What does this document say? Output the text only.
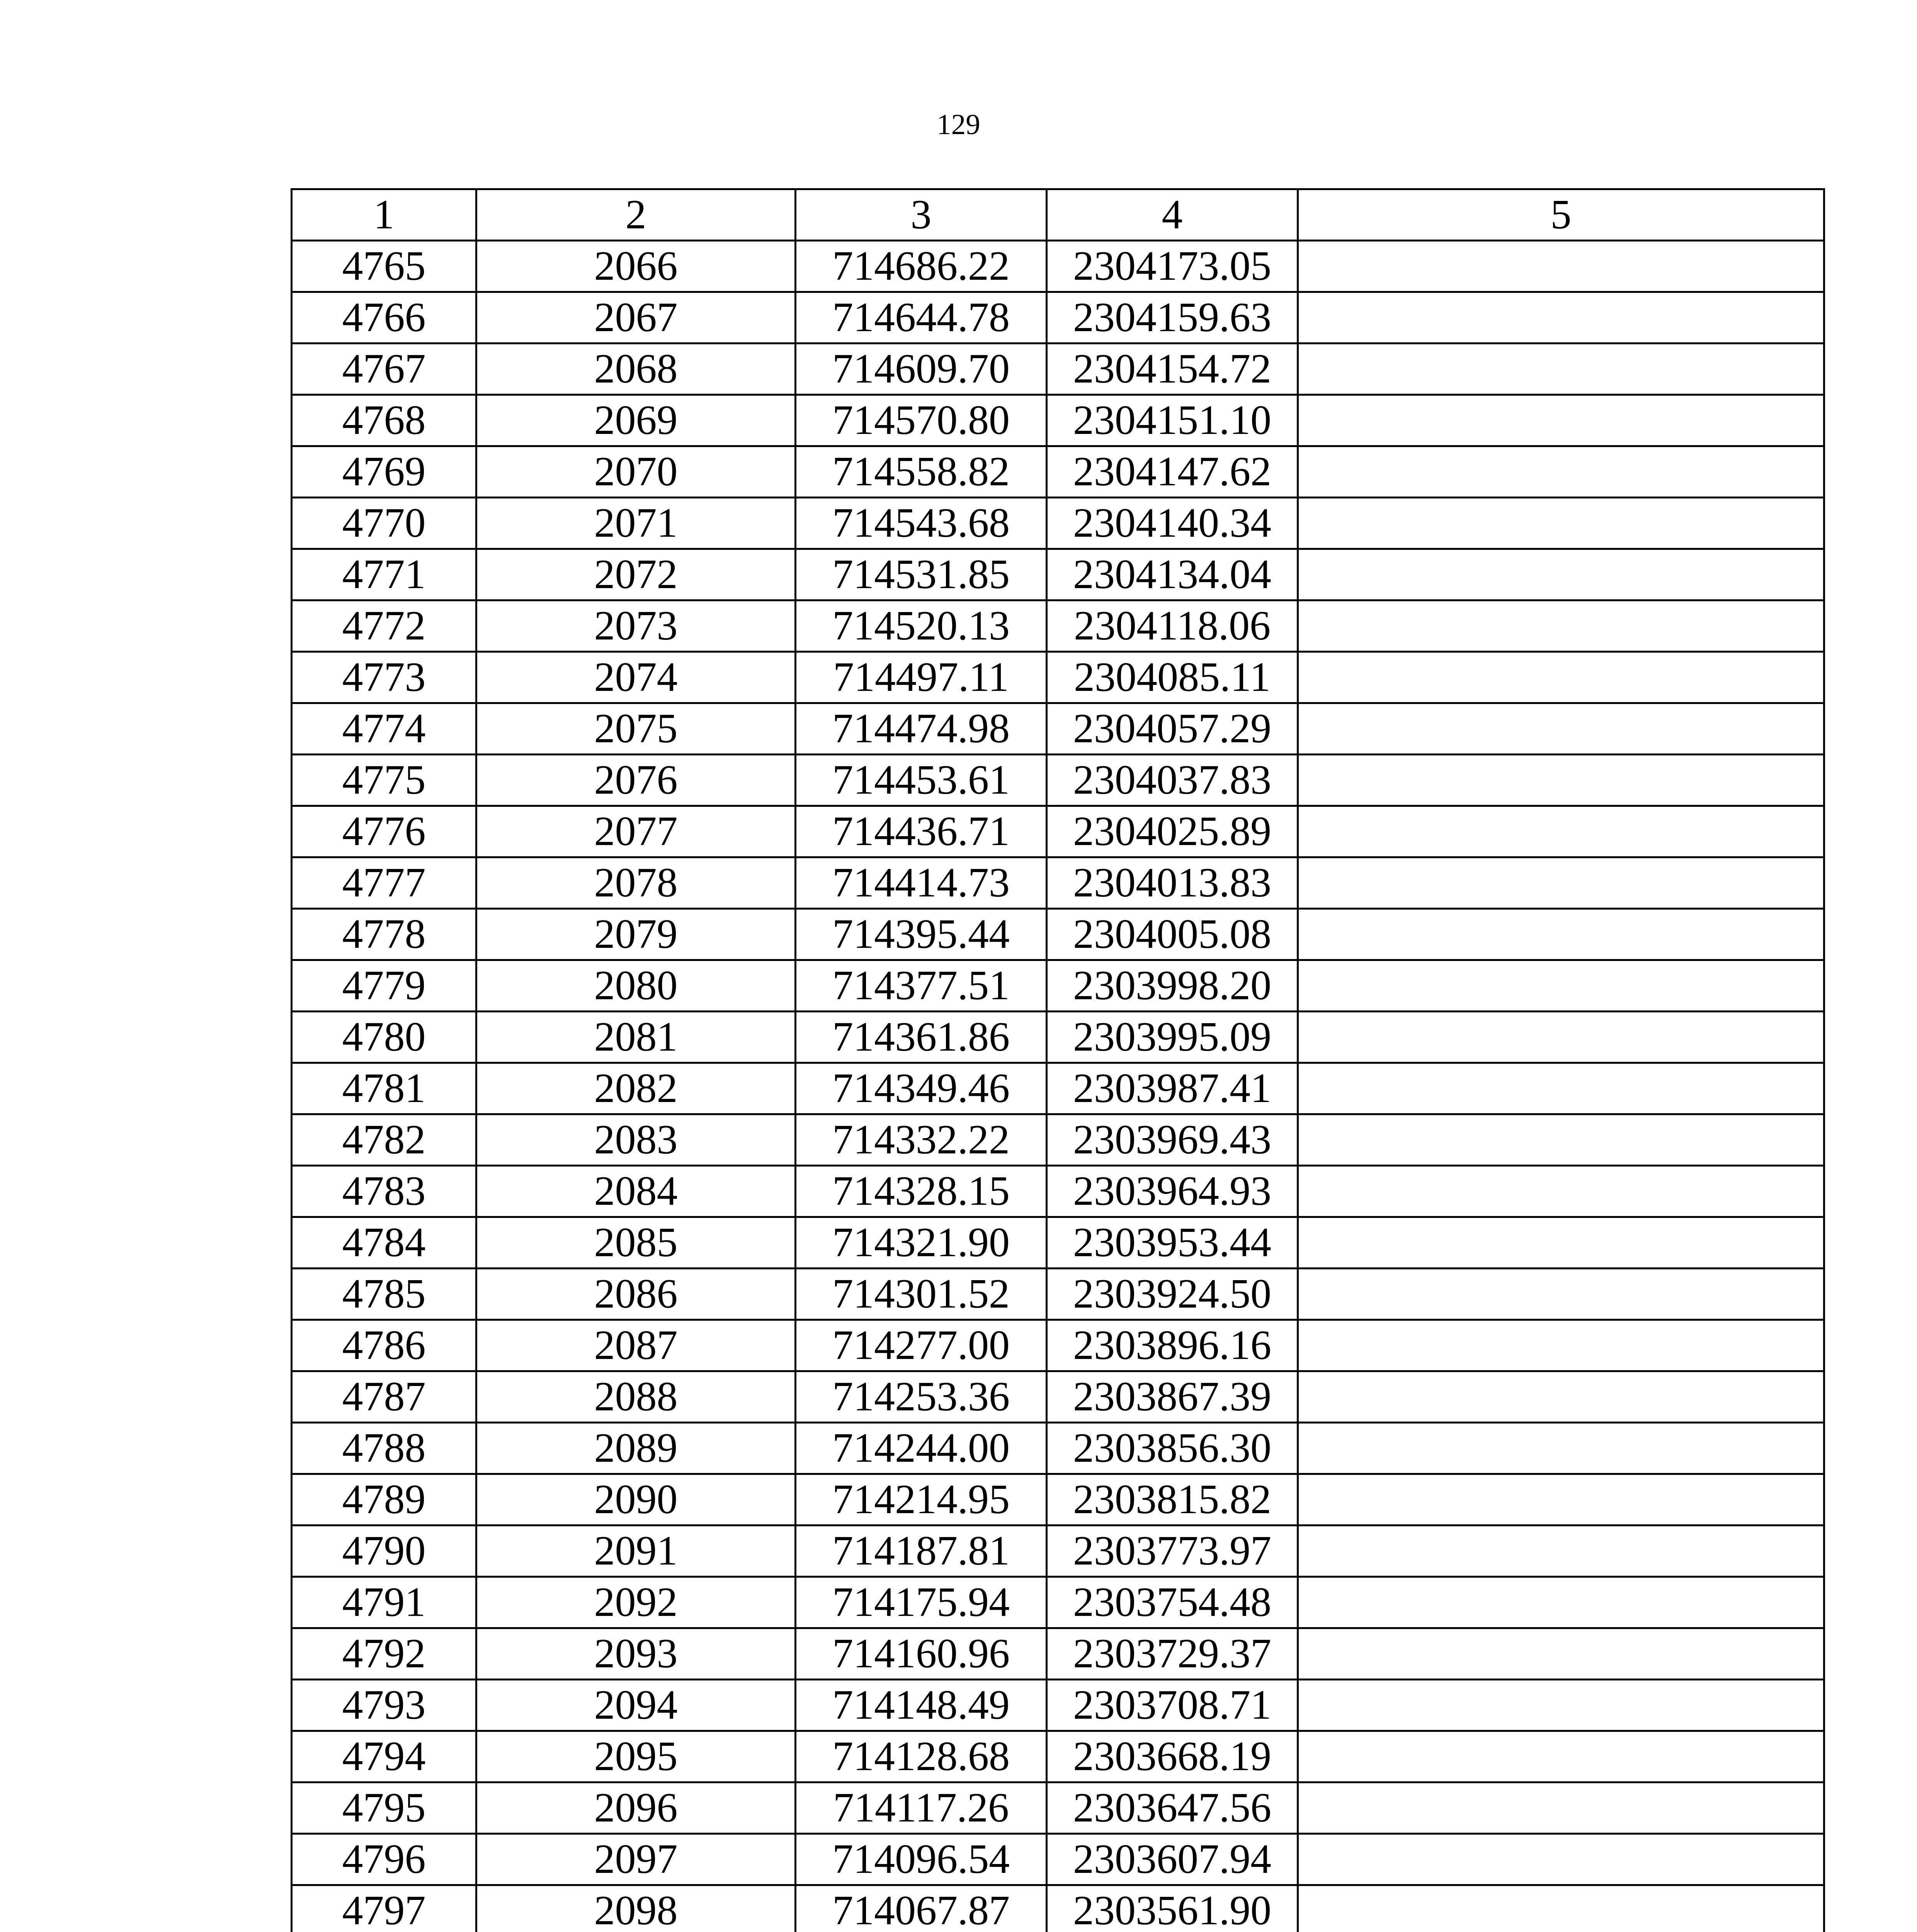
129
1	2	3	4	5
4765	2066	714686.22	2304173.05	
4766	2067	714644.78	2304159.63	
4767	2068	714609.70	2304154.72	
4768	2069	714570.80	2304151.10	
4769	2070	714558.82	2304147.62	
4770	2071	714543.68	2304140.34	
4771	2072	714531.85	2304134.04	
4772	2073	714520.13	2304118.06	
4773	2074	714497.11	2304085.11	
4774	2075	714474.98	2304057.29	
4775	2076	714453.61	2304037.83	
4776	2077	714436.71	2304025.89	
4777	2078	714414.73	2304013.83	
4778	2079	714395.44	2304005.08	
4779	2080	714377.51	2303998.20	
4780	2081	714361.86	2303995.09	
4781	2082	714349.46	2303987.41	
4782	2083	714332.22	2303969.43	
4783	2084	714328.15	2303964.93	
4784	2085	714321.90	2303953.44	
4785	2086	714301.52	2303924.50	
4786	2087	714277.00	2303896.16	
4787	2088	714253.36	2303867.39	
4788	2089	714244.00	2303856.30	
4789	2090	714214.95	2303815.82	
4790	2091	714187.81	2303773.97	
4791	2092	714175.94	2303754.48	
4792	2093	714160.96	2303729.37	
4793	2094	714148.49	2303708.71	
4794	2095	714128.68	2303668.19	
4795	2096	714117.26	2303647.56	
4796	2097	714096.54	2303607.94	
4797	2098	714067.87	2303561.90	
